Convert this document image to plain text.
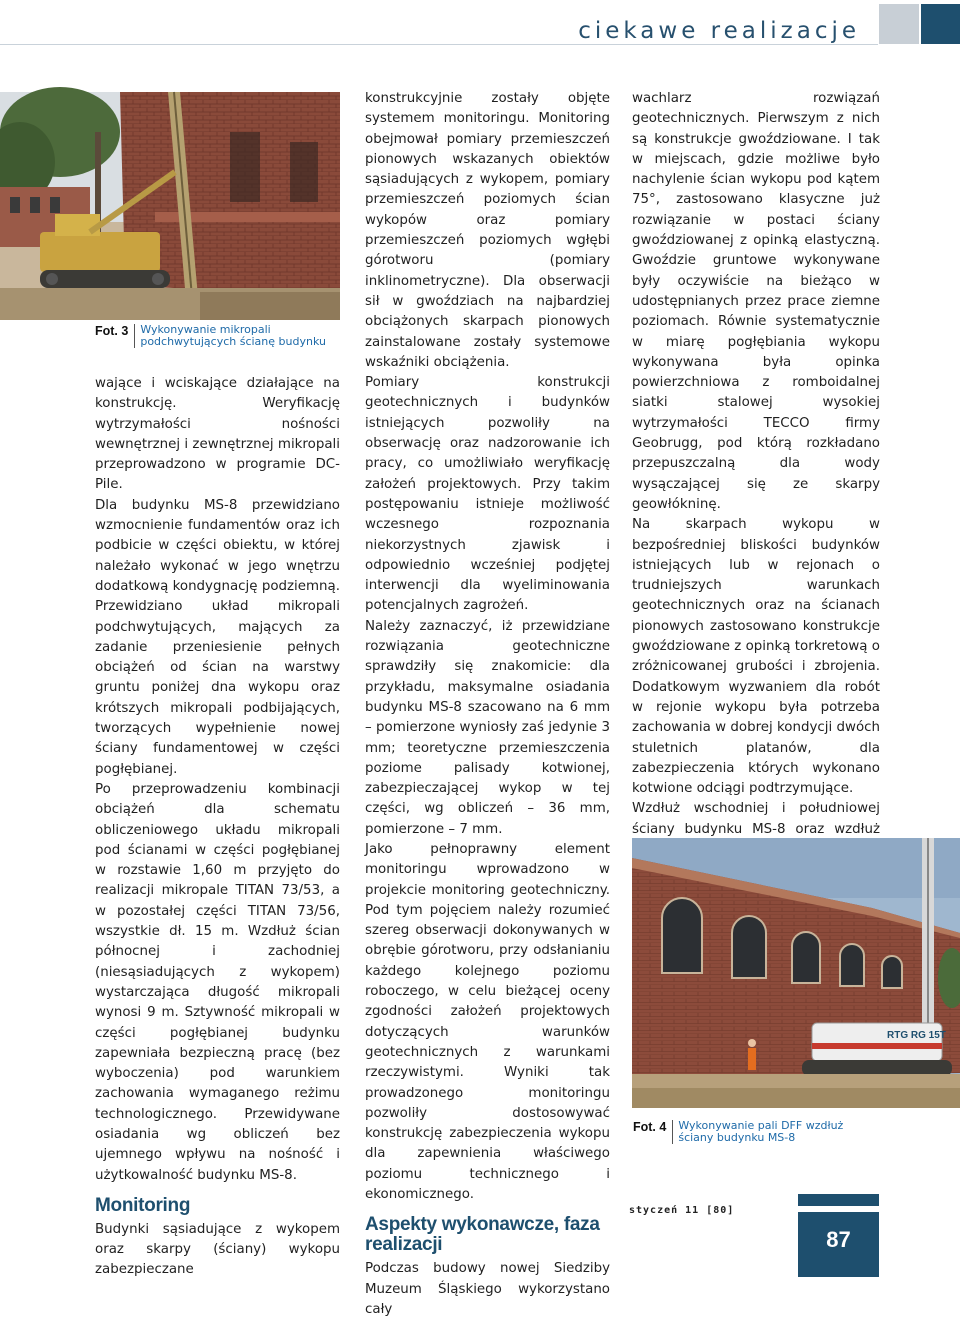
ciekawe realizacje
Fot. 3	Wykonywanie mikropali podchwytujących ścianę budynku

wające i wciskające działające na konstrukcję. Weryfikację wytrzymałości nośności wewnętrznej i zewnętrznej mikropali przeprowadzono w programie DC-Pile.

Dla budynku MS-8 przewidziano wzmocnienie fundamentów oraz ich podbicie w części obiektu, w której należało wykonać w jego wnętrzu dodatkową kondygnację podziemną. Przewidziano układ mikropali podchwytujących, mających za zadanie przeniesienie pełnych obciążeń od ścian na warstwy gruntu poniżej dna wykopu oraz krótszych mikropali podbijających, tworzących wypełnienie nowej ściany fundamentowej w części pogłębianej.

Po przeprowadzeniu kombinacji obciążeń dla schematu obliczeniowego układu mikropali pod ścianami w części pogłębianej w rozstawie 1,60 m przyjęto do realizacji mikropale TITAN 73/53, a w pozostałej części TITAN 73/56, wszystkie dł. 15 m. Wzdłuż ścian północnej i zachodniej (niesąsiadujących z wykopem) wystarczająca długość mikropali wynosi 9 m. Sztywność mikropali w części pogłębianej budynku zapewniała bezpieczną pracę (bez wyboczenia) pod warunkiem zachowania wymaganego reżimu technologicznego. Przewidywane osiadania wg obliczeń bez ujemnego wpływu na nośność i użytkowalność budynku MS-8.

Monitoring

Budynki sąsiadujące z wykopem oraz skarpy (ściany) wykopu zabezpieczane

konstrukcyjnie zostały objęte systemem monitoringu. Monitoring obejmował pomiary przemieszczeń pionowych wskazanych obiektów sąsiadujących z wykopem, pomiary przemieszczeń poziomych ścian wykopów oraz pomiary przemieszczeń poziomych wgłębi górotworu (pomiary inklinometryczne). Dla obserwacji sił w gwoździach na najbardziej obciążonych skarpach pionowych zainstalowane zostały systemowe wskaźniki obciążenia.

Pomiary konstrukcji geotechnicznych i budynków istniejących pozwoliły na obserwację oraz nadzorowanie ich pracy, co umożliwiało weryfikację założeń projektowych. Przy takim postępowaniu istnieje możliwość wczesnego rozpoznania niekorzystnych zjawisk i odpowiednio wcześniej podjętej interwencji dla wyeliminowania potencjalnych zagrożeń.

Należy zaznaczyć, iż przewidziane rozwiązania geotechniczne sprawdziły się znakomicie: dla przykładu, maksymalne osiadania budynku MS-8 szacowano na 6 mm – pomierzone wyniosły zaś jedynie 3 mm; teoretyczne przemieszczenia poziome palisady kotwionej, zabezpieczającej wykop w tej części, wg obliczeń – 36 mm, pomierzone – 7 mm.

Jako pełnoprawny element monitoringu wprowadzono w projekcie monitoring geotechniczny. Pod tym pojęciem należy rozumieć szereg obserwacji dokonywanych w obrębie górotworu, przy odsłanianiu każdego kolejnego poziomu roboczego, w celu bieżącej oceny zgodności założeń projektowych dotyczących warunków geotechnicznych z warunkami rzeczywistymi. Wyniki tak prowadzonego monitoringu pozwoliły dostosowywać konstrukcję zabezpieczenia wykopu dla zapewnienia właściwego poziomu technicznego i ekonomicznego.

Aspekty wykonawcze, faza realizacji

Podczas budowy nowej Siedziby Muzeum Śląskiego wykorzystano cały

wachlarz rozwiązań geotechnicznych. Pierwszym z nich są konstrukcje gwoździowane. I tak w miejscach, gdzie możliwe było nachylenie ścian wykopu pod kątem 75°, zastosowano klasyczne już rozwiązanie w postaci ściany gwoździowanej z opinką elastyczną. Gwoździe gruntowe wykonywane były oczywiście na bieżąco w udostępnianych przez prace ziemne poziomach. Równie systematycznie w miarę pogłębiania wykopu wykonywana była opinka powierzchniowa z romboidalnej siatki stalowej wysokiej wytrzymałości TECCO firmy Geobrugg, pod którą rozkładano przepuszczalną dla wody wysączającej się ze skarpy geowłókninę.

Na skarpach wykopu w bezpośredniej bliskości budynków istniejących lub w rejonach o trudniejszych warunkach geotechnicznych oraz na ścianach pionowych zastosowano konstrukcje gwoździowane z opinką torkretową o zróżnicowanej grubości i zbrojenia. Dodatkowym wyzwaniem dla robót w rejonie wykopu była potrzeba zachowania w dobrej kondycji dwóch stuletnich platanów, dla zabezpieczenia których wykonano kotwione odciągi podtrzymujące.

Wzdłuż wschodniej i południowej ściany budynku MS-8 oraz wzdłuż

RTG RG 15T
Fot. 4	Wykonywanie pali DFF wzdłuż ściany budynku MS-8
styczeń 11 [80]
87
